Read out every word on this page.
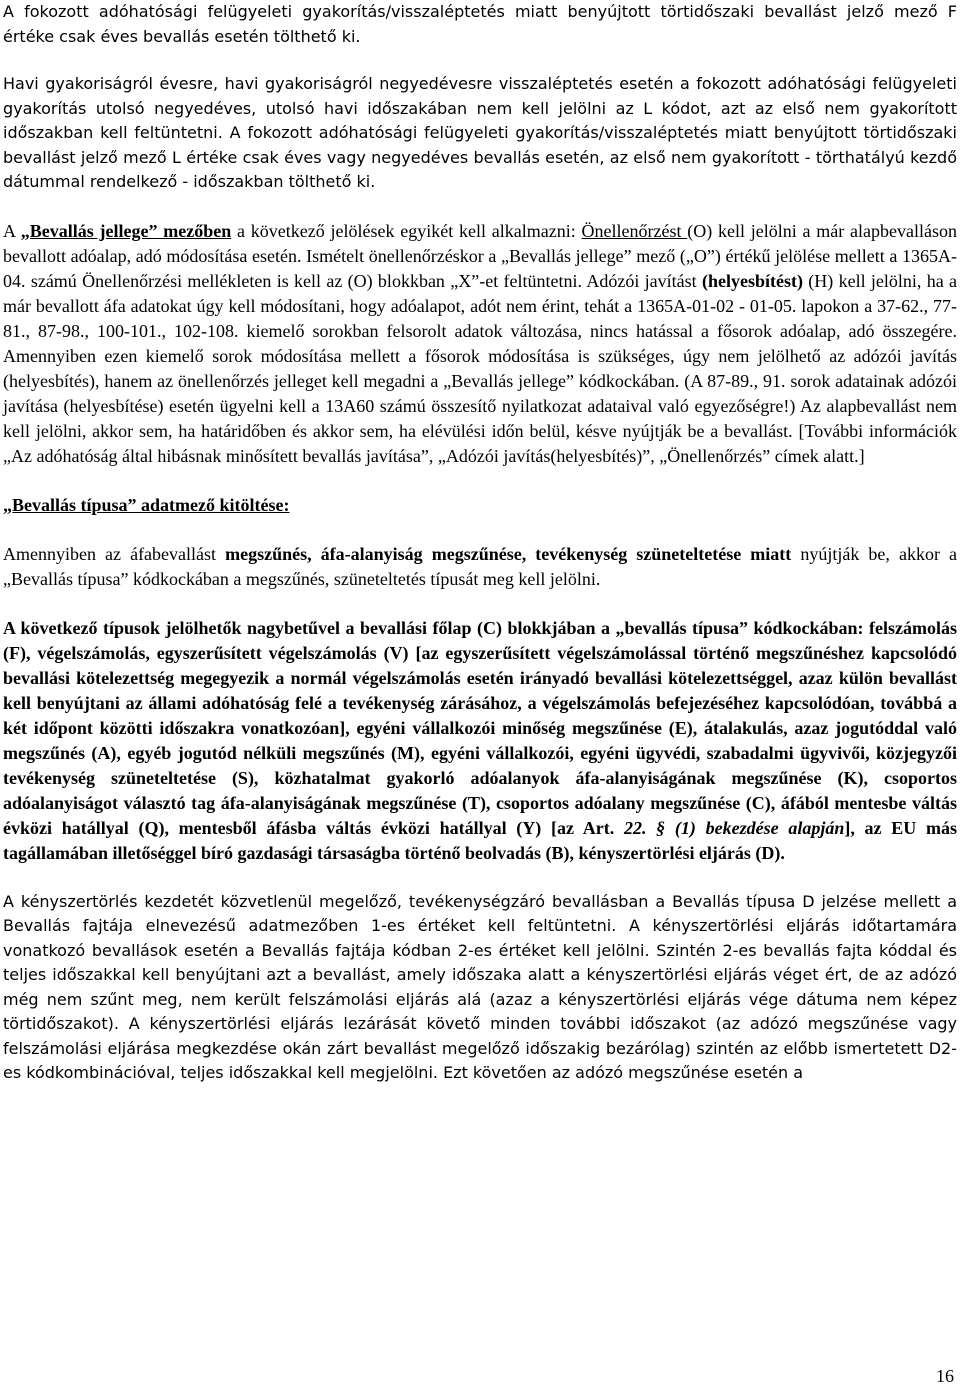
A fokozott adóhatósági felügyeleti gyakorítás/visszaléptetés miatt benyújtott törtidőszaki bevallást jelző mező F értéke csak éves bevallás esetén tölthető ki.

Havi gyakoriságról évesre, havi gyakoriságról negyedévesre visszaléptetés esetén a fokozott adóhatósági felügyeleti gyakorítás utolsó negyedéves, utolsó havi időszakában nem kell jelölni az L kódot, azt az első nem gyakorított időszakban kell feltüntetni. A fokozott adóhatósági felügyeleti gyakorítás/visszaléptetés miatt benyújtott törtidőszaki bevallást jelző mező L értéke csak éves vagy negyedéves bevallás esetén, az első nem gyakorított - törthatályú kezdő dátummal rendelkező - időszakban tölthető ki.

A „Bevallás jellege” mezőben a következő jelölések egyikét kell alkalmazni: Önellenőrzést (O) kell jelölni a már alapbevalláson bevallott adóalap, adó módosítása esetén. Ismételt önellenőrzéskor a „Bevallás jellege” mező („O”) értékű jelölése mellett a 1365A-04. számú Önellenőrzési mellékleten is kell az (O) blokkban „X”-et feltüntetni. Adózói javítást (helyesbítést) (H) kell jelölni, ha a már bevallott áfa adatokat úgy kell módosítani, hogy adóalapot, adót nem érint, tehát a 1365A-01-02 - 01-05. lapokon a 37-62., 77-81., 87-98., 100-101., 102-108. kiemelő sorokban felsorolt adatok változása, nincs hatással a fősorok adóalap, adó összegére. Amennyiben ezen kiemelő sorok módosítása mellett a fősorok módosítása is szükséges, úgy nem jelölhető az adózói javítás (helyesbítés), hanem az önellenőrzés jelleget kell megadni a „Bevallás jellege” kódkockában. (A 87-89., 91. sorok adatainak adózói javítása (helyesbítése) esetén ügyelni kell a 13A60 számú összesítő nyilatkozat adataival való egyezőségre!) Az alapbevallást nem kell jelölni, akkor sem, ha határidőben és akkor sem, ha elévülési időn belül, késve nyújtják be a bevallást. [További információk „Az adóhatóság által hibásnak minősített bevallás javítása”, „Adózói javítás(helyesbítés)”, „Önellenőrzés” címek alatt.]

„Bevallás típusa” adatmező kitöltése:

Amennyiben az áfabevallást megszűnés, áfa-alanyiság megszűnése, tevékenység szüneteltetése miatt nyújtják be, akkor a „Bevallás típusa” kódkockában a megszűnés, szüneteltetés típusát meg kell jelölni.

A következő típusok jelölhetők nagybetűvel a bevallási főlap (C) blokkjában a „bevallás típusa” kódkockában: felszámolás (F), végelszámolás, egyszerűsített végelszámolás (V) [az egyszerűsített végelszámolással történő megszűnéshez kapcsolódó bevallási kötelezettség megegyezik a normál végelszámolás esetén irányadó bevallási kötelezettséggel, azaz külön bevallást kell benyújtani az állami adóhatóság felé a tevékenység zárásához, a végelszámolás befejezéséhez kapcsolódóan, továbbá a két időpont közötti időszakra vonatkozóan], egyéni vállalkozói minőség megszűnése (E), átalakulás, azaz jogutóddal való megszűnés (A), egyéb jogutód nélküli megszűnés (M), egyéni vállalkozói, egyéni ügyvédi, szabadalmi ügyvivői, közjegyzői tevékenység szüneteltetése (S), közhatalmat gyakorló adóalanyok áfa-alanyiságának megszűnése (K), csoportos adóalanyiságot választó tag áfa-alanyiságának megszűnése (T), csoportos adóalany megszűnése (C), áfából mentesbe váltás évközi hatállyal (Q), mentesből áfásba váltás évközi hatállyal (Y) [az Art. 22. § (1) bekezdése alapján], az EU más tagállamában illetőséggel bíró gazdasági társaságba történő beolvadás (B), kényszertörlési eljárás (D).

A kényszertörlés kezdetét közvetlenül megelőző, tevékenységzáró bevallásban a Bevallás típusa D jelzése mellett a Bevallás fajtája elnevezésű adatmezőben 1-es értéket kell feltüntetni. A kényszertörlési eljárás időtartamára vonatkozó bevallások esetén a Bevallás fajtája kódban 2-es értéket kell jelölni. Szintén 2-es bevallás fajta kóddal és teljes időszakkal kell benyújtani azt a bevallást, amely időszaka alatt a kényszertörlési eljárás véget ért, de az adózó még nem szűnt meg, nem került felszámolási eljárás alá (azaz a kényszertörlési eljárás vége dátuma nem képez törtidőszakot). A kényszertörlési eljárás lezárását követő minden további időszakot (az adózó megszűnése vagy felszámolási eljárása megkezdése okán zárt bevallást megelőző időszakig bezárólag) szintén az előbb ismertetett D2-es kódkombinációval, teljes időszakkal kell megjelölni. Ezt követően az adózó megszűnése esetén a

16
